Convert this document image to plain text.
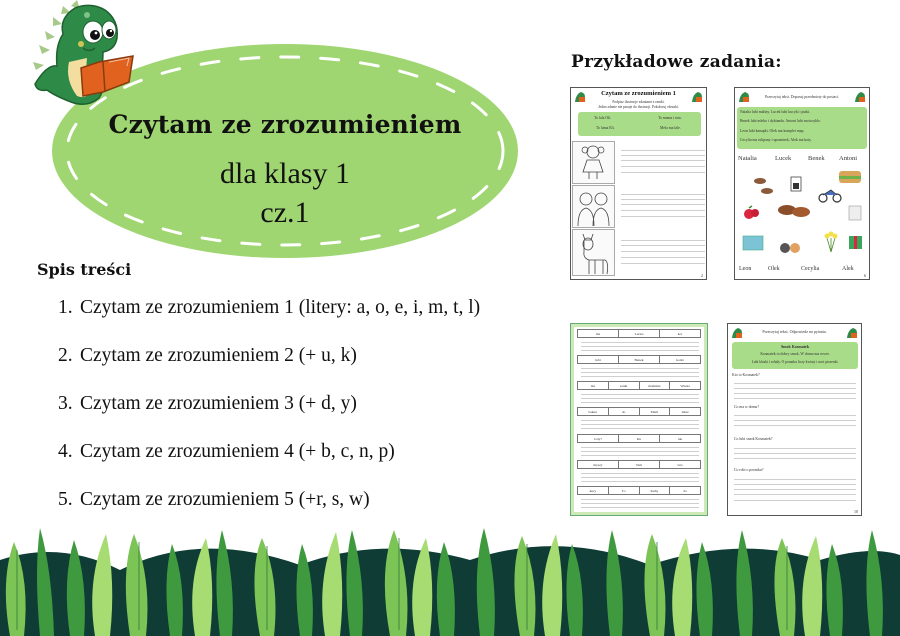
Czytam ze zrozumieniem
dla klasy 1
cz.1
Spis treści
1. Czytam ze zrozumieniem 1 (litery: a, o, e, i, m, t, l)
2. Czytam ze zrozumieniem 2 (+ u, k)
3. Czytam ze zrozumieniem 3 (+ d, y)
4. Czytam ze zrozumieniem 4 (+ b, c, n, p)
5. Czytam ze zrozumieniem 5 (+r, s, w)
Przykładowe zadania:
Czytam ze zrozumieniem 1
Podpisz ilustracje zdaniami z ramki.
Jedno zdanie nie pasuje do ilustracji. Pokoloruj obrazki.
To lala Oli.	To mama i tata.
To lama Eli.	Mela ma lale.
2
Przeczytaj tekst. Dopasuj przedmioty do postaci.
Natalia lubi maliny. Lucek lubi kucyki i ptaki.
Benek lubi mleko i dyktanda. Antoni lubi motocykle.
Leon lubi kanapki. Olek ma komplet map.
Cecylia ma tulipany i upominek. Alek ma koty.
Natalia	Lucek	Benek Antoni
Leon	Olek	Cecylia	Alek
6
ma	Lucka	kot
lubi	Benek	kotki
ma	sanki	malutkie	Wiesia
bakier	do	Mam	lubie
lody?	Ku	tak
myszy	Tam	lata
kury	To	Kuby	do
Przeczytaj tekst. Odpowiedz na pytania.
Smok Kosmatek
Kosmatek to dobry smok. W domu ma rower.
Lubi kluski i rolady. O poranku liczy kwiaty i nuci piosenki.
Kto to Kosmatek?
Co ma w domu?
Co lubi smok Kosmatek?
Co robi o poranku?
10
